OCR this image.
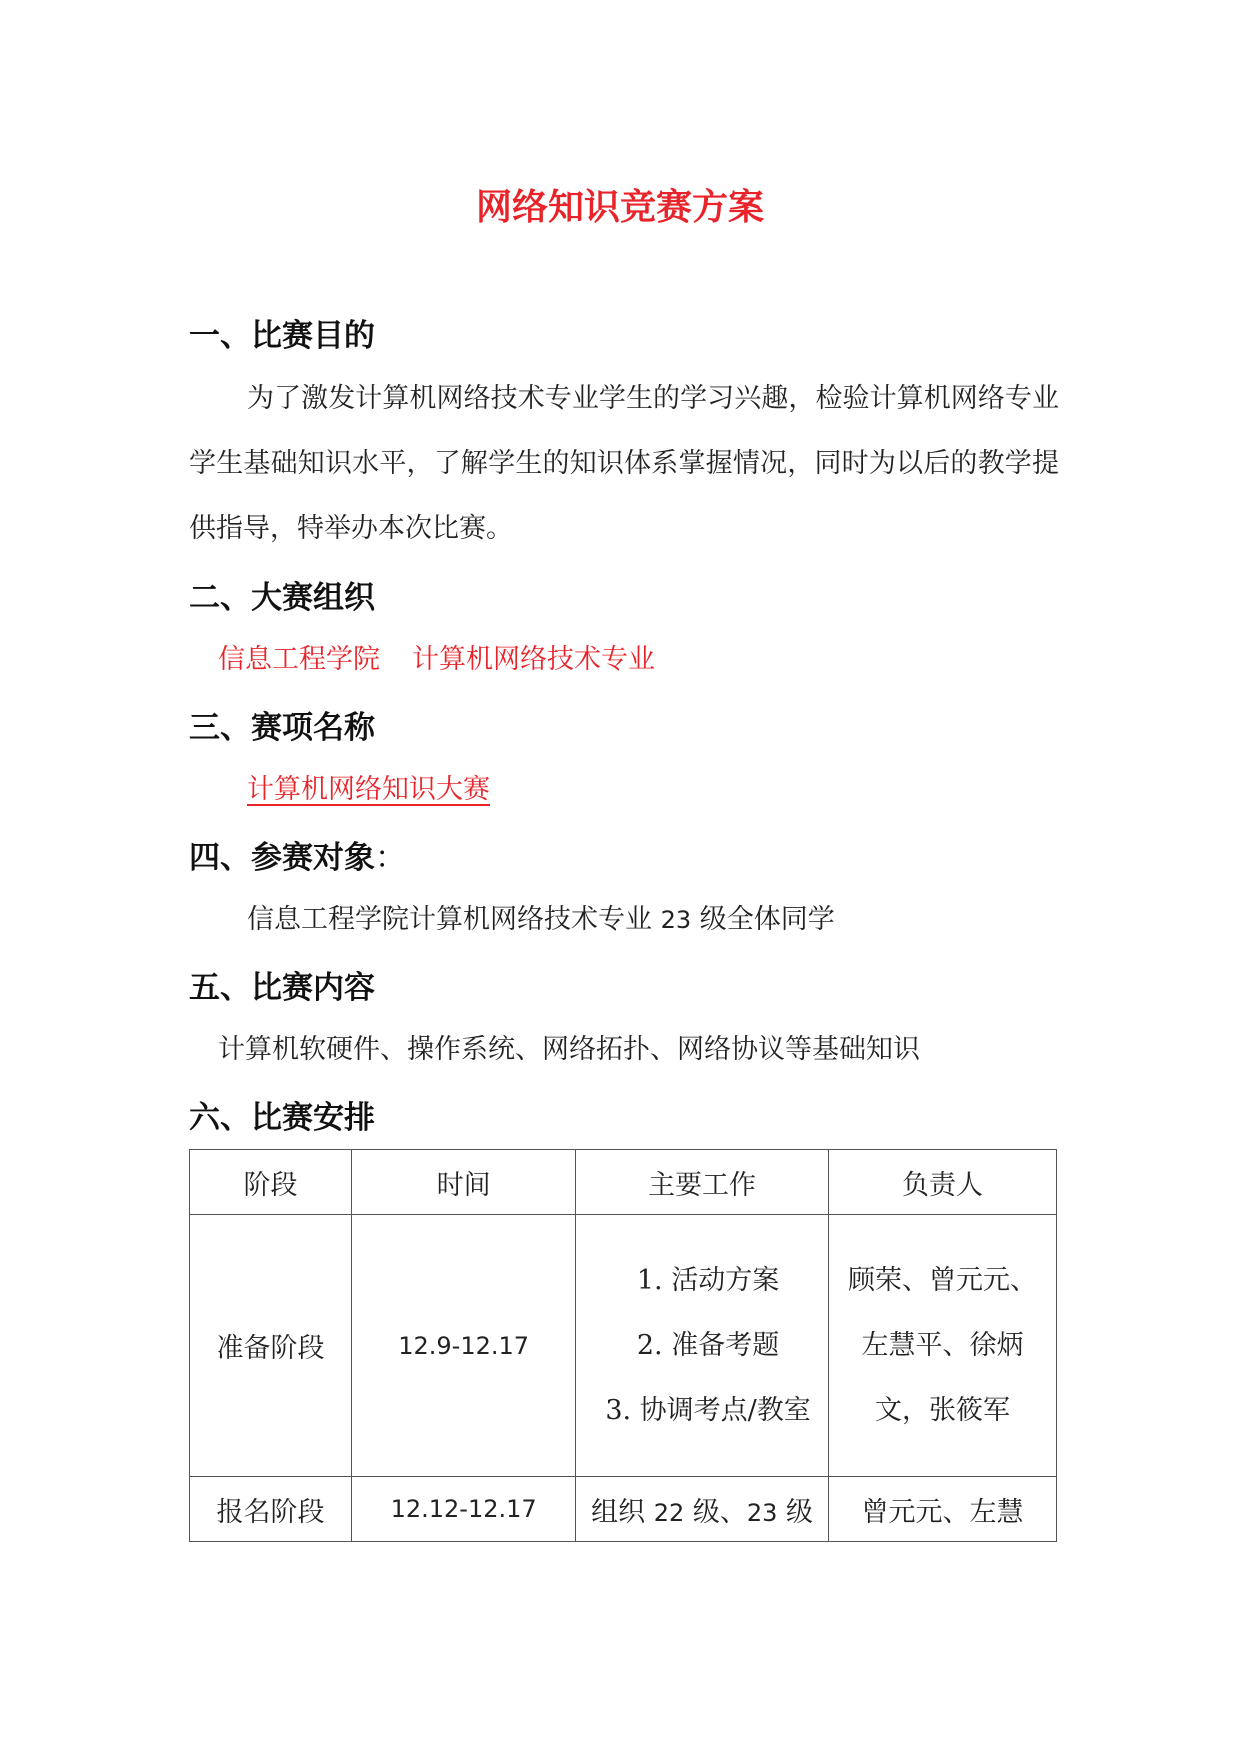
网络知识竞赛方案
一、比赛目的
为了激发计算机网络技术专业学生的学习兴趣，检验计算机网络专业学生基础知识水平，了解学生的知识体系掌握情况，同时为以后的教学提供指导，特举办本次比赛。
二、大赛组织
信息工程学院 计算机网络技术专业
三、赛项名称
计算机网络知识大赛
四、参赛对象：
信息工程学院计算机网络技术专业 23 级全体同学
五、比赛内容
计算机软硬件、操作系统、网络拓扑、网络协议等基础知识
六、比赛安排
阶段	时间	主要工作	负责人
准备阶段	12.9-12.17	1. 活动方案
2. 准备考题
3. 协调考点/教室	顾荣、曾元元、左慧平、徐炳文，张筱军
报名阶段	12.12-12.17	组织 22 级、23 级	曾元元、左慧
